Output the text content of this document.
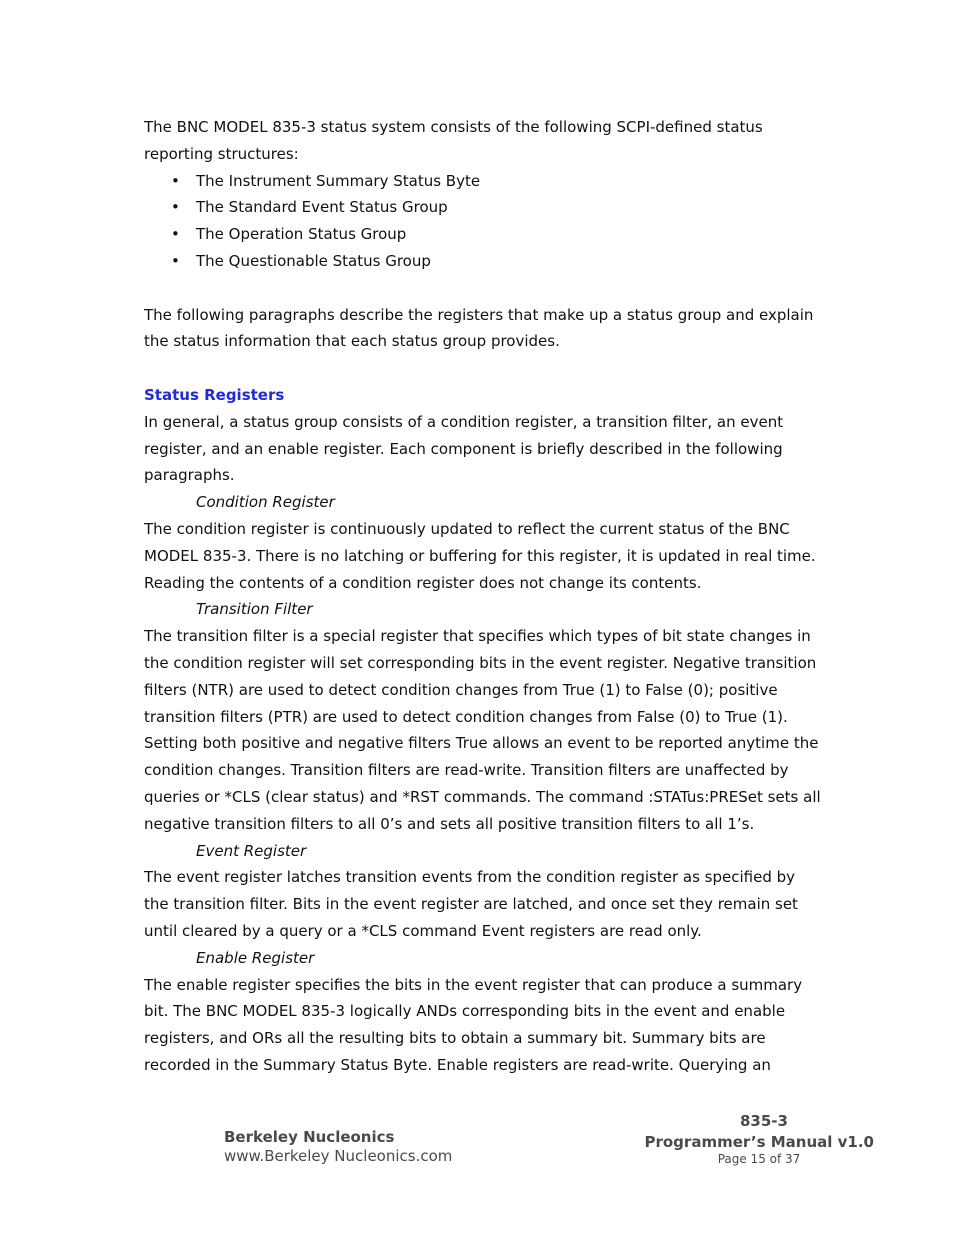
The BNC MODEL 835-3 status system consists of the following SCPI-defined status reporting structures:

• The Instrument Summary Status Byte
• The Standard Event Status Group
• The Operation Status Group
• The Questionable Status Group

The following paragraphs describe the registers that make up a status group and explain the status information that each status group provides.

Status Registers

In general, a status group consists of a condition register, a transition filter, an event register, and an enable register. Each component is briefly described in the following paragraphs.

Condition Register

The condition register is continuously updated to reflect the current status of the BNC MODEL 835-3. There is no latching or buffering for this register, it is updated in real time. Reading the contents of a condition register does not change its contents.

Transition Filter

The transition filter is a special register that specifies which types of bit state changes in the condition register will set corresponding bits in the event register. Negative transition filters (NTR) are used to detect condition changes from True (1) to False (0); positive transition filters (PTR) are used to detect condition changes from False (0) to True (1). Setting both positive and negative filters True allows an event to be reported anytime the condition changes. Transition filters are read-write. Transition filters are unaffected by queries or *CLS (clear status) and *RST commands. The command :STATus:PRESet sets all negative transition filters to all 0’s and sets all positive transition filters to all 1’s.

Event Register

The event register latches transition events from the condition register as specified by the transition filter. Bits in the event register are latched, and once set they remain set until cleared by a query or a *CLS command Event registers are read only.

Enable Register

The enable register specifies the bits in the event register that can produce a summary bit. The BNC MODEL 835-3 logically ANDs corresponding bits in the event and enable registers, and ORs all the resulting bits to obtain a summary bit. Summary bits are recorded in the Summary Status Byte. Enable registers are read-write. Querying an

Berkeley Nucleonics
www.Berkeley Nucleonics.com
835-3
Programmer’s Manual v1.0
Page 15 of 37
